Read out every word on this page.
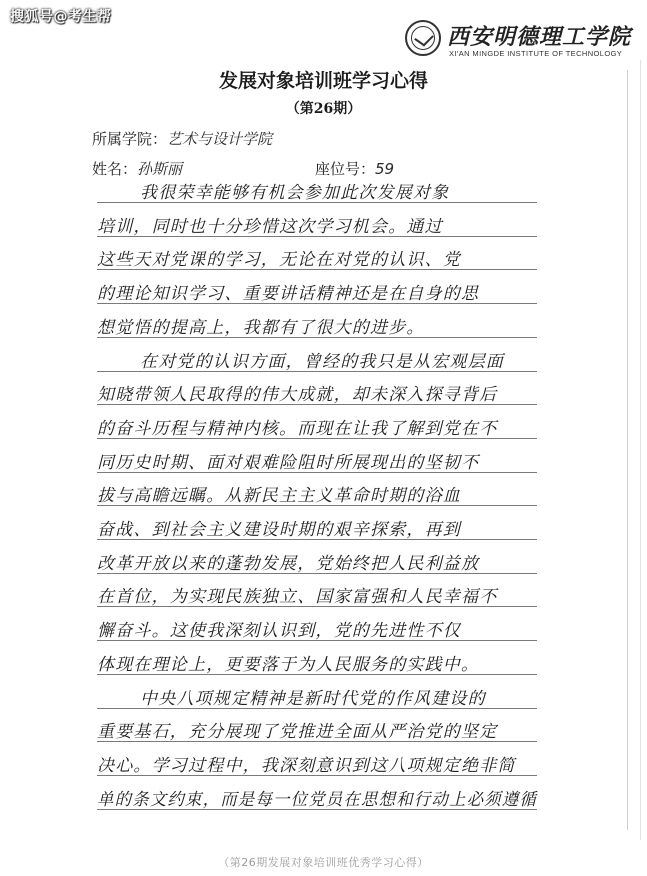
搜狐号@考生帮
西安明德理工学院
XI'AN MINGDE INSTITUTE OF TECHNOLOGY
发展对象培训班学习心得
（第26期）
所属学院：艺术与设计学院
姓名：孙斯丽	座位号：59
我很荣幸能够有机会参加此次发展对象
培训，同时也十分珍惜这次学习机会。通过
这些天对党课的学习，无论在对党的认识、党
的理论知识学习、重要讲话精神还是在自身的思
想觉悟的提高上，我都有了很大的进步。
在对党的认识方面，曾经的我只是从宏观层面
知晓带领人民取得的伟大成就，却未深入探寻背后
的奋斗历程与精神内核。而现在让我了解到党在不
同历史时期、面对艰难险阻时所展现出的坚韧不
拔与高瞻远瞩。从新民主主义革命时期的浴血
奋战、到社会主义建设时期的艰辛探索，再到
改革开放以来的蓬勃发展，党始终把人民利益放
在首位，为实现民族独立、国家富强和人民幸福不
懈奋斗。这使我深刻认识到，党的先进性不仅
体现在理论上，更要落于为人民服务的实践中。
中央八项规定精神是新时代党的作风建设的
重要基石，充分展现了党推进全面从严治党的坚定
决心。学习过程中，我深刻意识到这八项规定绝非简
单的条文约束，而是每一位党员在思想和行动上必须遵循
（第26期发展对象培训班优秀学习心得）
